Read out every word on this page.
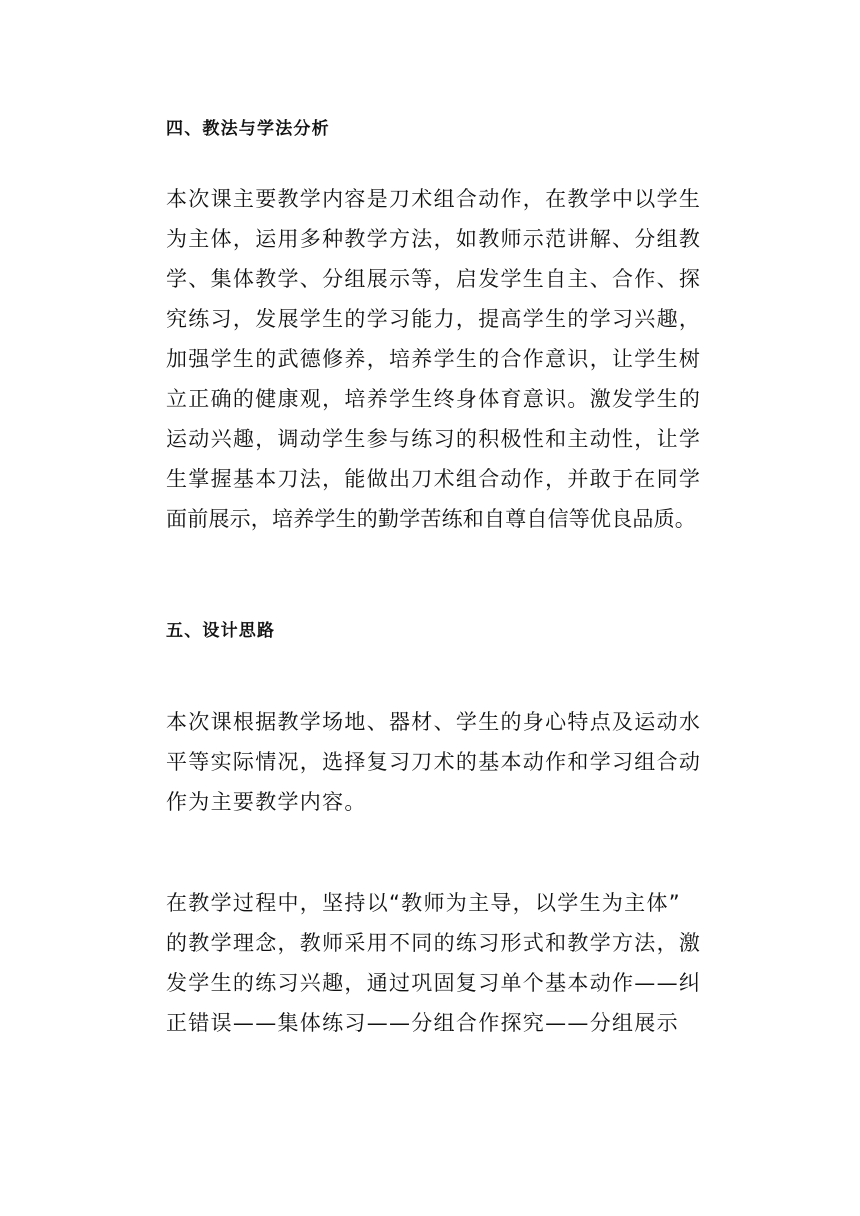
四、教法与学法分析
本次课主要教学内容是刀术组合动作，在教学中以学生
为主体，运用多种教学方法，如教师示范讲解、分组教
学、集体教学、分组展示等，启发学生自主、合作、探
究练习，发展学生的学习能力，提高学生的学习兴趣，
加强学生的武德修养，培养学生的合作意识，让学生树
立正确的健康观，培养学生终身体育意识。激发学生的
运动兴趣，调动学生参与练习的积极性和主动性，让学
生掌握基本刀法，能做出刀术组合动作，并敢于在同学
面前展示，培养学生的勤学苦练和自尊自信等优良品质。
五、设计思路
本次课根据教学场地、器材、学生的身心特点及运动水
平等实际情况，选择复习刀术的基本动作和学习组合动
作为主要教学内容。
在教学过程中，坚持以“教师为主导，以学生为主体”
的教学理念，教师采用不同的练习形式和教学方法，激
发学生的练习兴趣，通过巩固复习单个基本动作——纠
正错误——集体练习——分组合作探究——分组展示
